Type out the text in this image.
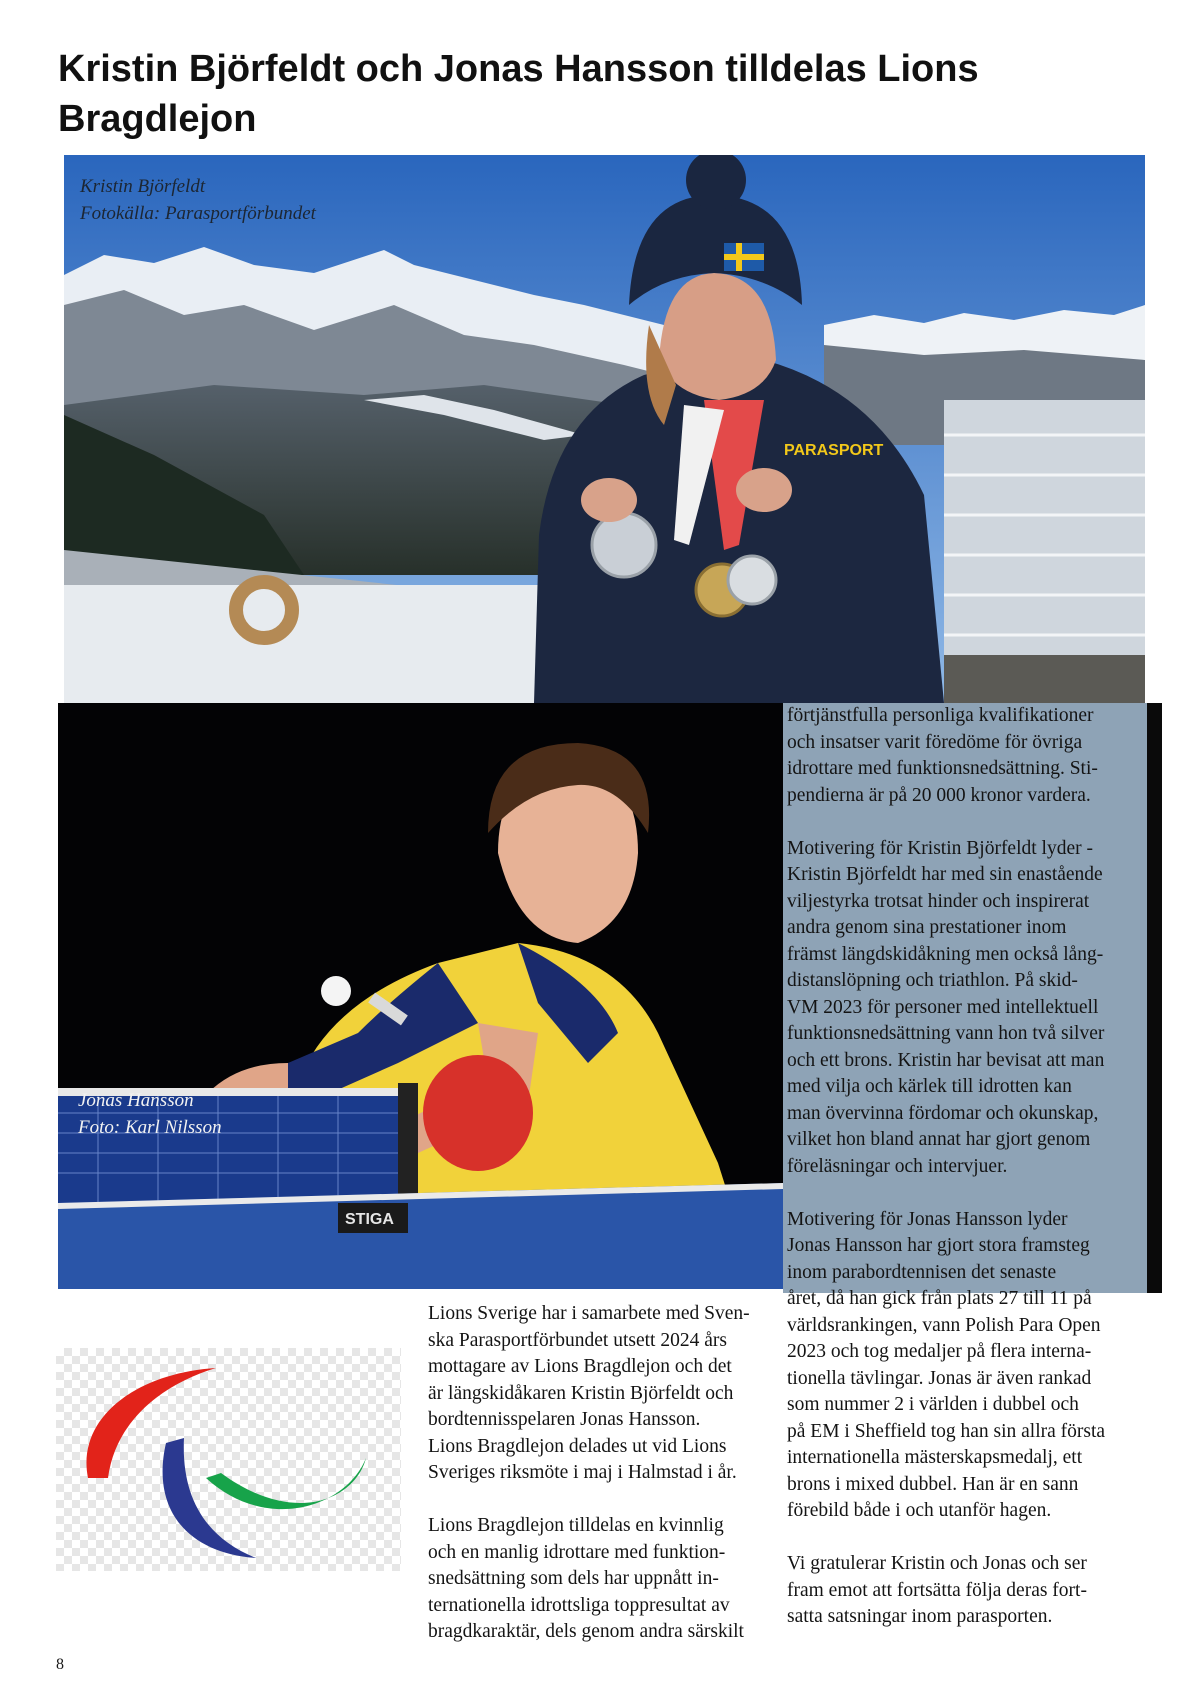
Kristin Björfeldt och Jonas Hansson tilldelas Lions Bragdlejon
PARASPORT
Kristin Björfeldt
Fotokälla: Parasportförbundet
STIGA
Jonas Hansson
Foto: Karl Nilsson

förtjänstfulla personliga kvalifikationer

och insatser varit föredöme för övriga

idrottare med funktionsnedsättning. Sti-

pendierna är på 20 000 kronor vardera.

Motivering för Kristin Björfeldt lyder -

Kristin Björfeldt har med sin enastående

viljestyrka trotsat hinder och inspirerat

andra genom sina prestationer inom

främst längdskidåkning men också lång-

distanslöpning och triathlon. På skid-

VM 2023 för personer med intellektuell

funktionsnedsättning vann hon två silver

och ett brons. Kristin har bevisat att man

med vilja och kärlek till idrotten kan

man övervinna fördomar och okunskap,

vilket hon bland annat har gjort genom

föreläsningar och intervjuer.

Motivering för Jonas Hansson lyder

Jonas Hansson har gjort stora framsteg

inom parabordtennisen det senaste

året, då han gick från plats 27 till 11 på

världsrankingen, vann Polish Para Open

2023 och tog medaljer på flera interna-

tionella tävlingar. Jonas är även rankad

som nummer 2 i världen i dubbel och

på EM i Sheffield tog han sin allra första

internationella mästerskapsmedalj, ett

brons i mixed dubbel. Han är en sann

förebild både i och utanför hagen.

Vi gratulerar Kristin och Jonas och ser

fram emot att fortsätta följa deras fort-

satta satsningar inom parasporten.

Lions Sverige har i samarbete med Sven-

ska Parasportförbundet utsett 2024 års

mottagare av Lions Bragdlejon och det

är längskidåkaren Kristin Björfeldt och

bordtennisspelaren Jonas Hansson.

Lions Bragdlejon delades ut vid Lions

Sveriges riksmöte i maj i Halmstad i år.

Lions Bragdlejon tilldelas en kvinnlig

och en manlig idrottare med funktion-

snedsättning som dels har uppnått in-

ternationella idrottsliga toppresultat av

bragdkaraktär, dels genom andra särskilt

8
